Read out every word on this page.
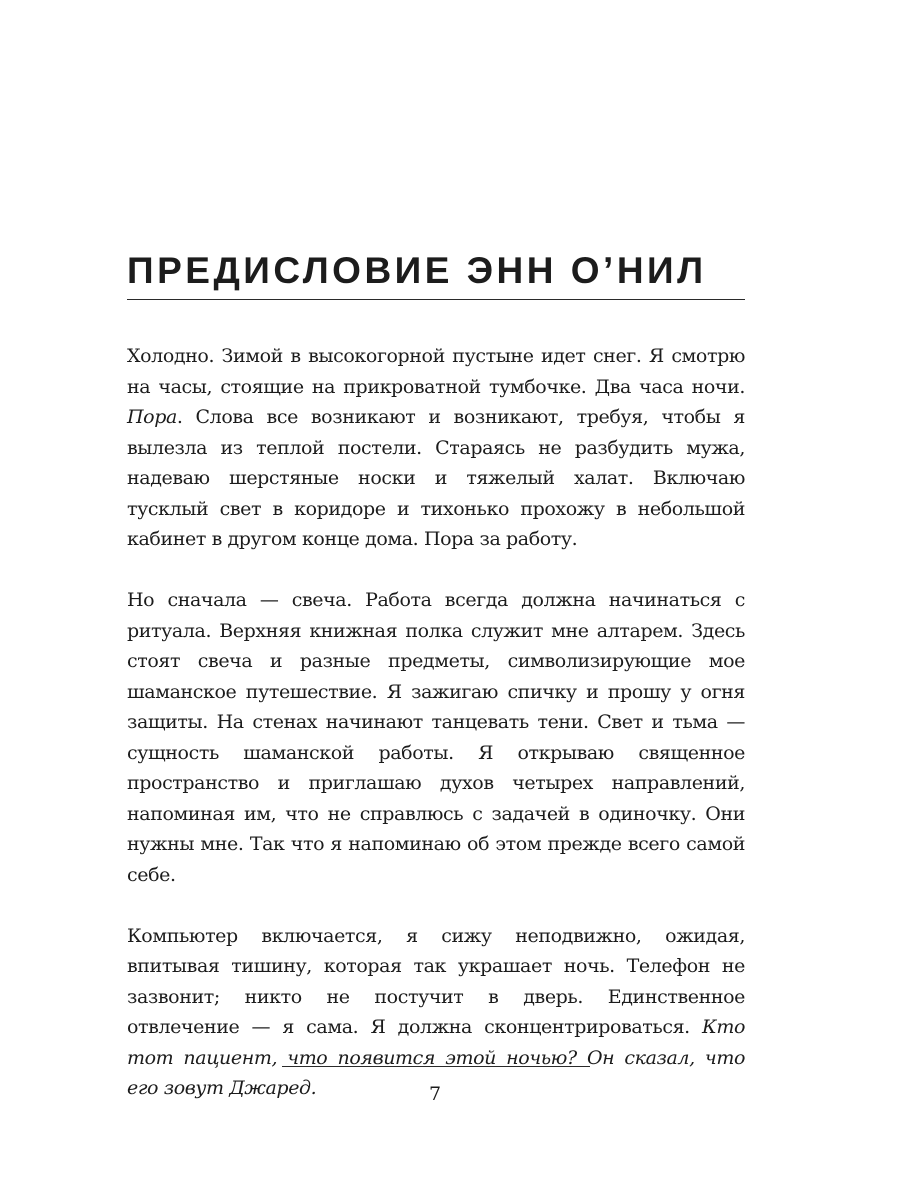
ПРЕДИСЛОВИЕ ЭНН О’НИЛ

Холодно. Зимой в высокогорной пустыне идет снег. Я смотрю на часы, стоящие на прикроватной тумбочке. Два часа ночи. Пора. Слова все возникают и возникают, требуя, чтобы я вылезла из теплой постели. Стараясь не разбудить мужа, надеваю шерстяные носки и тяжелый халат. Включаю тусклый свет в коридоре и тихонько прохожу в небольшой кабинет в другом конце дома. Пора за работу.

Но сначала — свеча. Работа всегда должна начинаться с ритуала. Верхняя книжная полка служит мне алтарем. Здесь стоят свеча и разные предметы, символизирующие мое шаманское путешествие. Я зажигаю спичку и прошу у огня защиты. На стенах начинают танцевать тени. Свет и тьма — сущность шаманской работы. Я открываю священное пространство и приглашаю духов четырех направлений, напоминая им, что не справлюсь с задачей в одиночку. Они нужны мне. Так что я напоминаю об этом прежде всего самой себе.

Компьютер включается, я сижу неподвижно, ожидая, впитывая тишину, которая так украшает ночь. Телефон не зазвонит; никто не постучит в дверь. Единственное отвлечение — я сама. Я должна сконцентрироваться. Кто тот пациент, что появится этой ночью? Он сказал, что его зовут Джаред.	7
